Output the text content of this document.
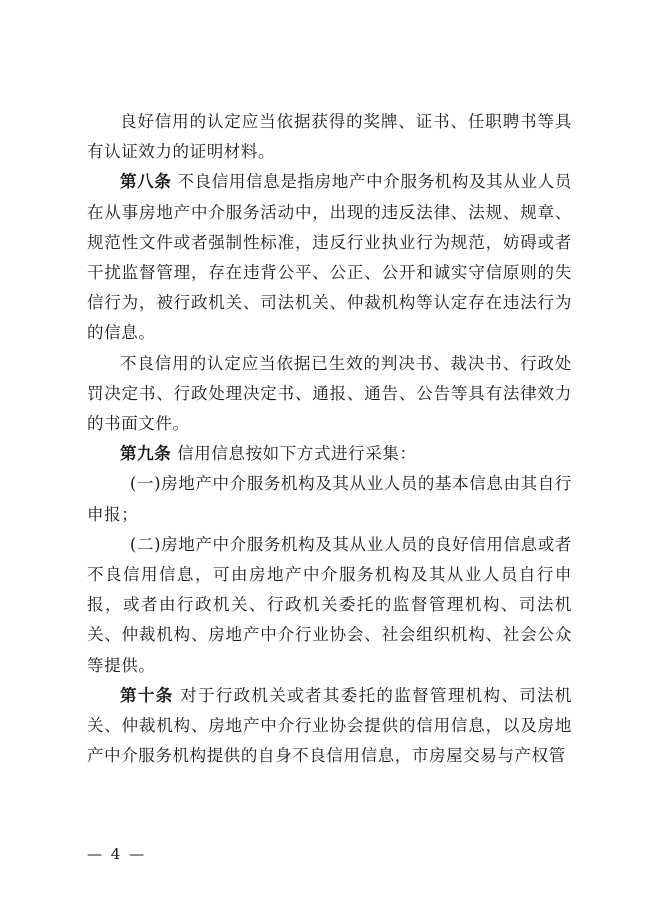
良好信用的认定应当依据获得的奖牌、证书、任职聘书等具有认证效力的证明材料。

第八条 不良信用信息是指房地产中介服务机构及其从业人员在从事房地产中介服务活动中，出现的违反法律、法规、规章、规范性文件或者强制性标准，违反行业执业行为规范，妨碍或者干扰监督管理，存在违背公平、公正、公开和诚实守信原则的失信行为，被行政机关、司法机关、仲裁机构等认定存在违法行为的信息。

不良信用的认定应当依据已生效的判决书、裁决书、行政处罚决定书、行政处理决定书、通报、通告、公告等具有法律效力的书面文件。

第九条 信用信息按如下方式进行采集：

(一)房地产中介服务机构及其从业人员的基本信息由其自行申报；

(二)房地产中介服务机构及其从业人员的良好信用信息或者不良信用信息，可由房地产中介服务机构及其从业人员自行申报，或者由行政机关、行政机关委托的监督管理机构、司法机关、仲裁机构、房地产中介行业协会、社会组织机构、社会公众等提供。

第十条 对于行政机关或者其委托的监督管理机构、司法机关、仲裁机构、房地产中介行业协会提供的信用信息，以及房地产中介服务机构提供的自身不良信用信息，市房屋交易与产权管

— 4 —
